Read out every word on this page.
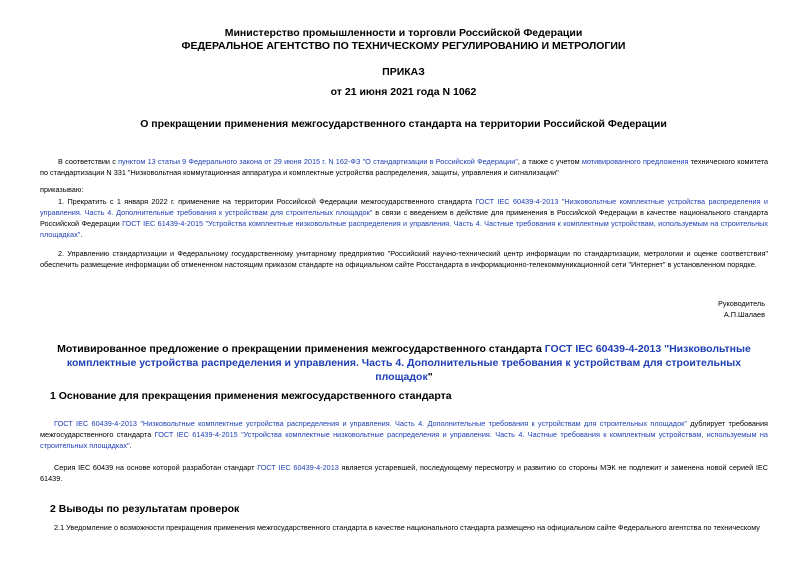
Министерство промышленности и торговли Российской Федерации
ФЕДЕРАЛЬНОЕ АГЕНТСТВО ПО ТЕХНИЧЕСКОМУ РЕГУЛИРОВАНИЮ И МЕТРОЛОГИИ
ПРИКАЗ
от 21 июня 2021 года N 1062
О прекращении применения межгосударственного стандарта на территории Российской Федерации
В соответствии с пунктом 13 статьи 9 Федерального закона от 29 июня 2015 г. N 162-ФЗ "О стандартизации в Российской Федерации", а также с учетом мотивированного предложения технического комитета по стандартизации N 331 "Низковольтная коммутационная аппаратура и комплектные устройства распределения, защиты, управления и сигнализации"
приказываю:
1. Прекратить с 1 января 2022 г. применение на территории Российской Федерации межгосударственного стандарта ГОСТ IEC 60439-4-2013 "Низковольтные комплектные устройства распределения и управления. Часть 4. Дополнительные требования к устройствам для строительных площадок" в связи с введением в действие для применения в Российской Федерации в качестве национального стандарта Российской Федерации ГОСТ IEC 61439-4-2015 "Устройства комплектные низковольтные распределения и управления. Часть 4. Частные требования к комплектным устройствам, используемым на строительных площадках".
2. Управлению стандартизации и Федеральному государственному унитарному предприятию "Российский научно-технический центр информации по стандартизации, метрологии и оценке соответствия" обеспечить размещение информации об отмененном настоящим приказом стандарте на официальном сайте Росстандарта в информационно-телекоммуникационной сети "Интернет" в установленном порядке.
Руководитель
А.П.Шалаев
Мотивированное предложение о прекращении применения межгосударственного стандарта ГОСТ IEC 60439-4-2013 "Низковольтные комплектные устройства распределения и управления. Часть 4. Дополнительные требования к устройствам для строительных площадок"
1 Основание для прекращения применения межгосударственного стандарта
ГОСТ IEC 60439-4-2013 "Низковольтные комплектные устройства распределения и управления. Часть 4. Дополнительные требования к устройствам для строительных площадок" дублирует требования межгосударственного стандарта ГОСТ IEC 61439-4-2015 "Устройства комплектные низковольтные распределения и управления. Часть 4. Частные требования к комплектным устройствам, используемым на строительных площадках".
Серия IEC 60439 на основе которой разработан стандарт ГОСТ IEC 60439-4-2013 является устаревшей, последующему пересмотру и развитию со стороны МЭК не подлежит и заменена новой серией IEC 61439.
2 Выводы по результатам проверок
2.1 Уведомление о возможности прекращения применения межгосударственного стандарта в качестве национального стандарта размещено на официальном сайте Федерального агентства по техническому
